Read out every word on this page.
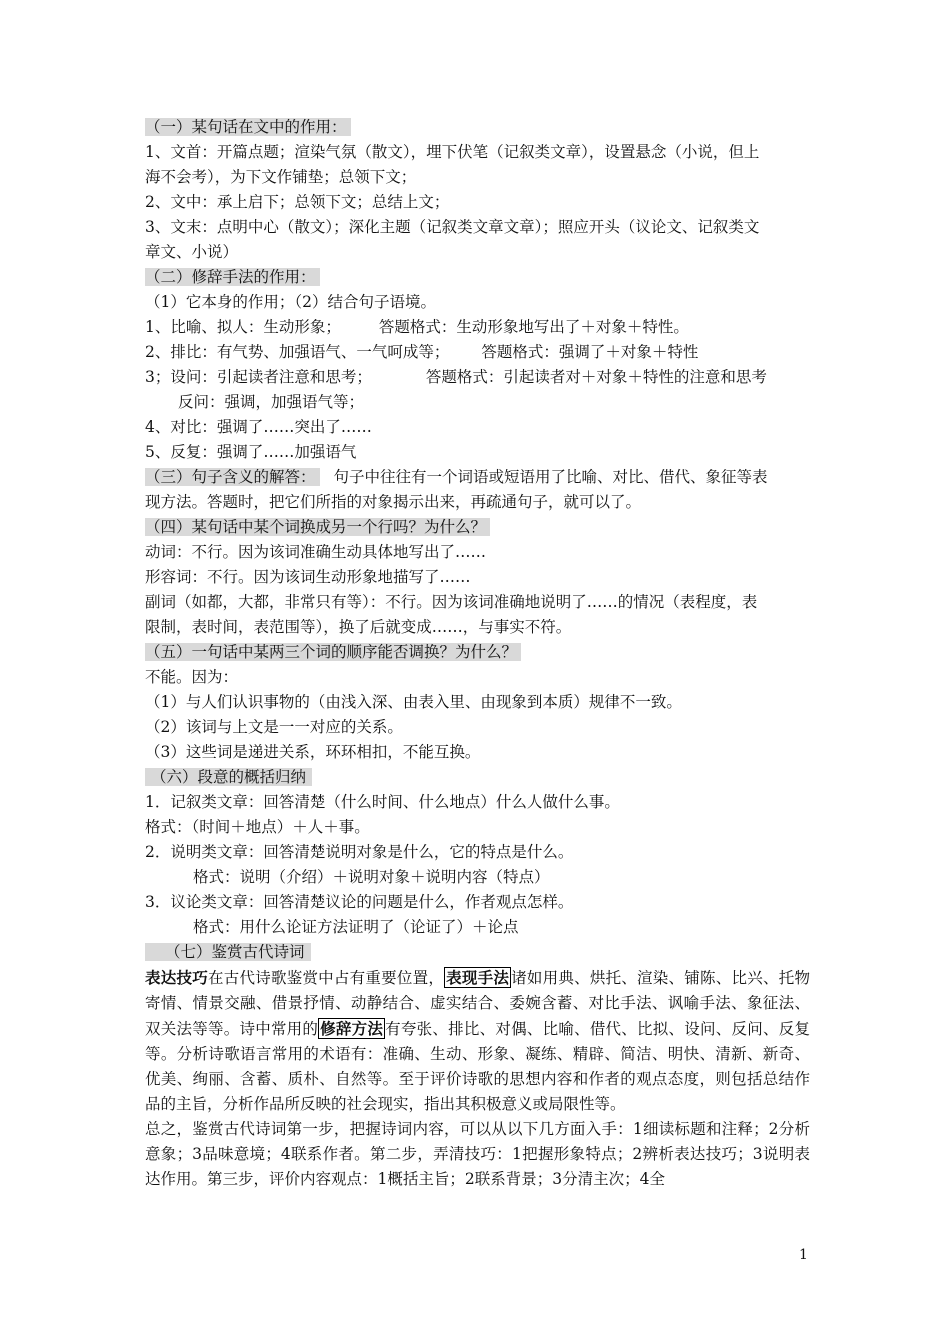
（一）某句话在文中的作用：
1、文首：开篇点题；渲染气氛（散文），埋下伏笔（记叙类文章），设置悬念（小说，但上
海不会考），为下文作铺垫；总领下文；
2、文中：承上启下；总领下文；总结上文；
3、文末：点明中心（散文）；深化主题（记叙类文章文章）；照应开头（议论文、记叙类文
章文、小说）
（二）修辞手法的作用：
（1）它本身的作用；（2）结合句子语境。
1、比喻、拟人：生动形象； 答题格式：生动形象地写出了＋对象＋特性。
2、排比：有气势、加强语气、一气呵成等； 答题格式：强调了＋对象＋特性
3；设问：引起读者注意和思考；	答题格式：引起读者对＋对象＋特性的注意和思考
反问：强调，加强语气等；
4、对比：强调了……突出了……
5、反复：强调了……加强语气
（三）句子含义的解答： 句子中往往有一个词语或短语用了比喻、对比、借代、象征等表
现方法。答题时，把它们所指的对象揭示出来，再疏通句子，就可以了。
（四）某句话中某个词换成另一个行吗？为什么？
动词：不行。因为该词准确生动具体地写出了……
形容词：不行。因为该词生动形象地描写了……
副词（如都，大都，非常只有等）：不行。因为该词准确地说明了……的情况（表程度，表
限制，表时间，表范围等），换了后就变成……，与事实不符。
（五）一句话中某两三个词的顺序能否调换？为什么？
不能。因为：
（1）与人们认识事物的（由浅入深、由表入里、由现象到本质）规律不一致。
（2）该词与上文是一一对应的关系。
（3）这些词是递进关系，环环相扣，不能互换。
（六）段意的概括归纳
1．记叙类文章：回答清楚（什么时间、什么地点）什么人做什么事。
格式：（时间＋地点）＋人＋事。
2．说明类文章：回答清楚说明对象是什么，它的特点是什么。
格式：说明（介绍）＋说明对象＋说明内容（特点）
3．议论类文章：回答清楚议论的问题是什么，作者观点怎样。
格式：用什么论证方法证明了（论证了）＋论点
（七）鉴赏古代诗词
表达技巧在古代诗歌鉴赏中占有重要位置， 表现手法 诸如用典、烘托、渲染、铺陈、比兴、托物寄情、情景交融、借景抒情、动静结合、虚实结合、委婉含蓄、对比手法、讽喻手法、象征法、双关法等等。诗中常用的 修辞方法 有夸张、排比、对偶、比喻、借代、比拟、设问、反问、反复等。分析诗歌语言常用的术语有：准确、生动、形象、凝练、精辟、简洁、明快、清新、新奇、优美、绚丽、含蓄、质朴、自然等。至于评价诗歌的思想内容和作者的观点态度，则包括总结作品的主旨，分析作品所反映的社会现实，指出其积极意义或局限性等。
总之，鉴赏古代诗词第一步，把握诗词内容，可以从以下几方面入手：1细读标题和注释；2分析意象；3品味意境；4联系作者。第二步，弄清技巧：1把握形象特点；2辨析表达技巧；3说明表达作用。第三步，评价内容观点：1概括主旨；2联系背景；3分清主次；4全
1
